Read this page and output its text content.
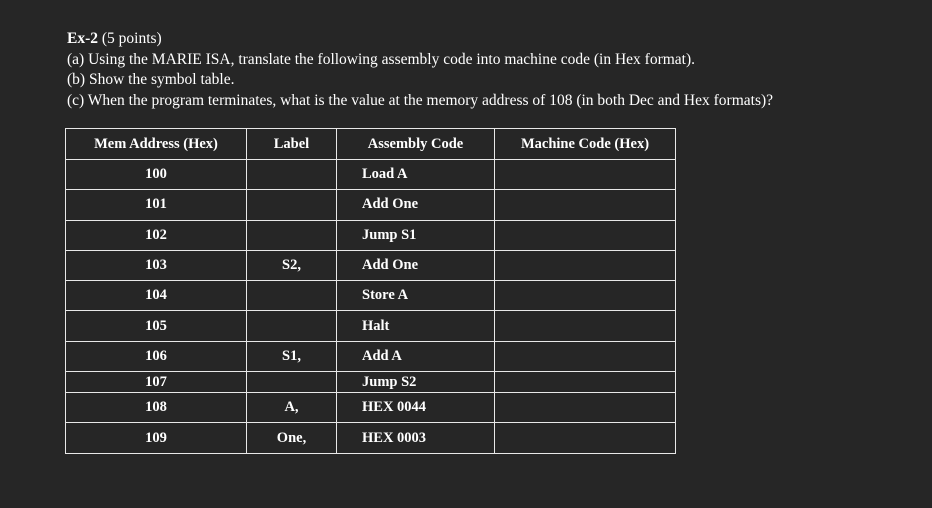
Ex-2 (5 points)
(a) Using the MARIE ISA, translate the following assembly code into machine code (in Hex format).
(b) Show the symbol table.
(c) When the program terminates, what is the value at the memory address of 108 (in both Dec and Hex formats)?
Mem Address (Hex)	Label	Assembly Code	Machine Code (Hex)
100		Load A	
101		Add One	
102		Jump S1	
103	S2,	Add One	
104		Store A	
105		Halt	
106	S1,	Add A	
107		Jump S2	
108	A,	HEX 0044	
109	One,	HEX 0003	
